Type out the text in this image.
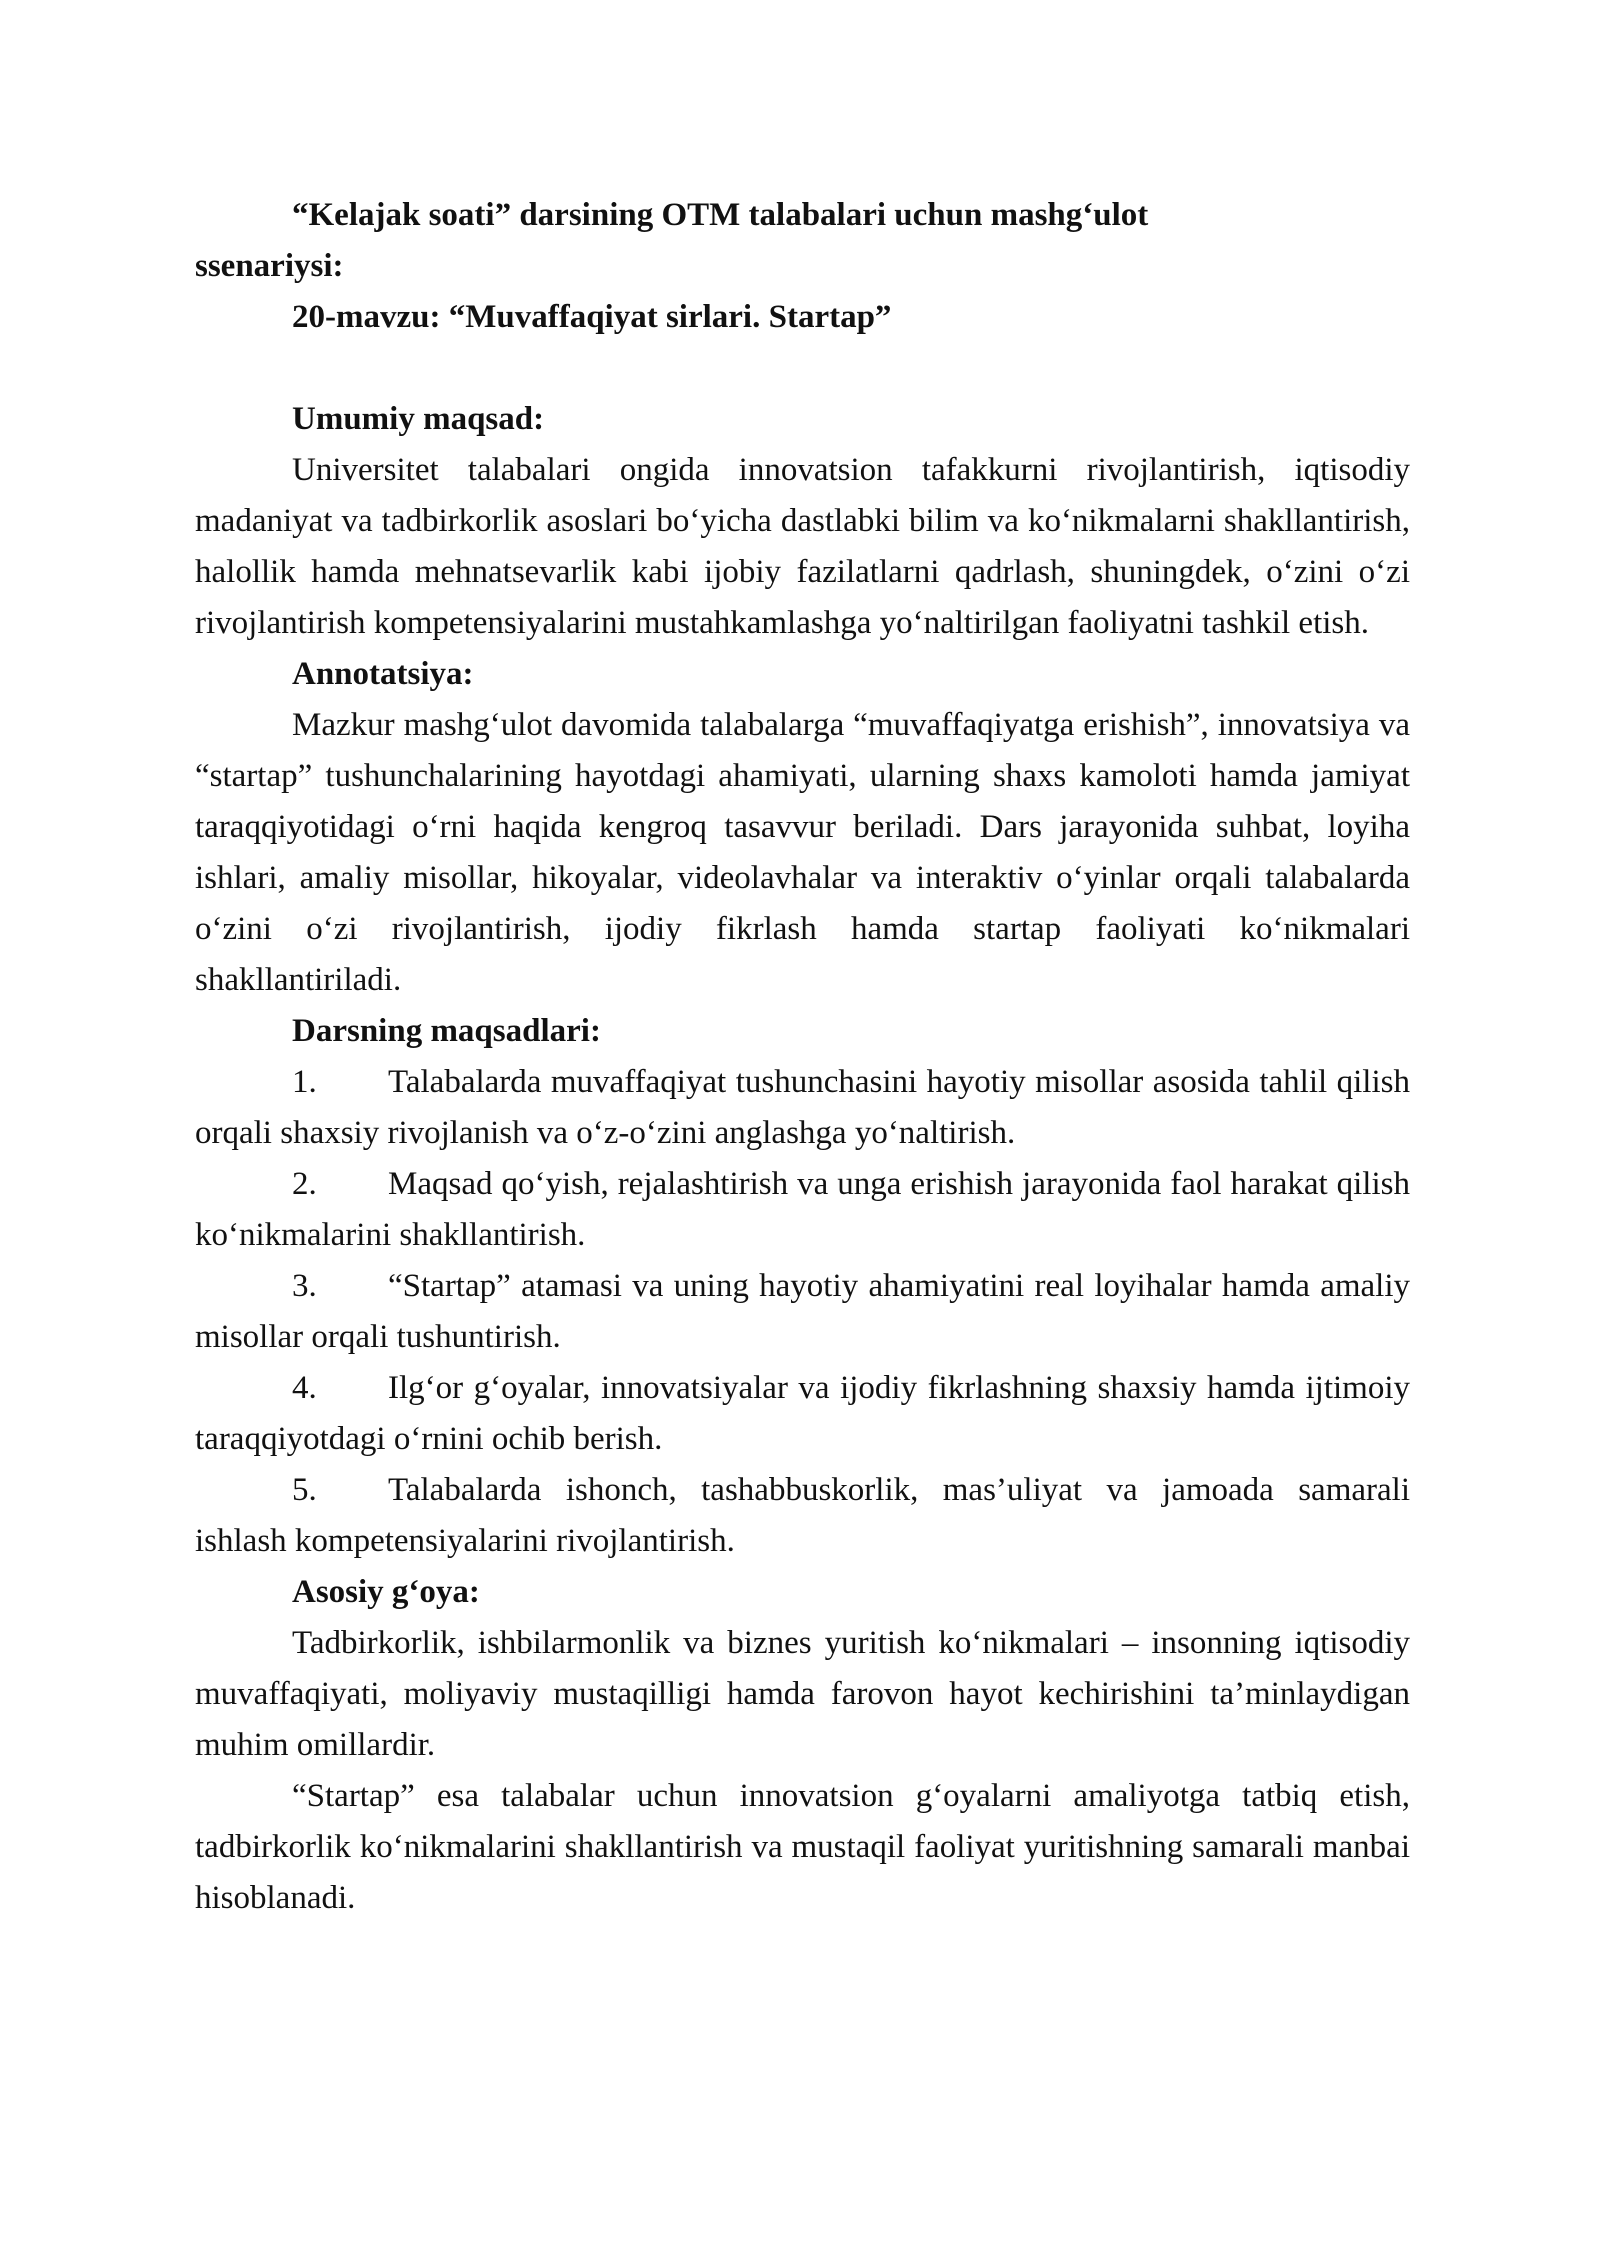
“Kelajak soati” darsining OTM talabalari uchun mashg‘ulot

ssenariysi:

20-mavzu: “Muvaffaqiyat sirlari. Startap”

Umumiy maqsad:

Universitet talabalari ongida innovatsion tafakkurni rivojlantirish, iqtisodiy madaniyat va tadbirkorlik asoslari bo‘yicha dastlabki bilim va ko‘nikmalarni shakllantirish, halollik hamda mehnatsevarlik kabi ijobiy fazilatlarni qadrlash, shuningdek, o‘zini o‘zi rivojlantirish kompetensiyalarini mustahkamlashga yo‘naltirilgan faoliyatni tashkil etish.

Annotatsiya:

Mazkur mashg‘ulot davomida talabalarga “muvaffaqiyatga erishish”, innovatsiya va “startap” tushunchalarining hayotdagi ahamiyati, ularning shaxs kamoloti hamda jamiyat taraqqiyotidagi o‘rni haqida kengroq tasavvur beriladi. Dars jarayonida suhbat, loyiha ishlari, amaliy misollar, hikoyalar, videolavhalar va interaktiv o‘yinlar orqali talabalarda o‘zini o‘zi rivojlantirish, ijodiy fikrlash hamda startap faoliyati ko‘nikmalari shakllantiriladi.

Darsning maqsadlari:

1. Talabalarda muvaffaqiyat tushunchasini hayotiy misollar asosida tahlil qilish orqali shaxsiy rivojlanish va o‘z-o‘zini anglashga yo‘naltirish.

2. Maqsad qo‘yish, rejalashtirish va unga erishish jarayonida faol harakat qilish ko‘nikmalarini shakllantirish.

3. “Startap” atamasi va uning hayotiy ahamiyatini real loyihalar hamda amaliy misollar orqali tushuntirish.

4. Ilg‘or g‘oyalar, innovatsiyalar va ijodiy fikrlashning shaxsiy hamda ijtimoiy taraqqiyotdagi o‘rnini ochib berish.

5. Talabalarda ishonch, tashabbuskorlik, mas’uliyat va jamoada samarali ishlash kompetensiyalarini rivojlantirish.

Asosiy g‘oya:

Tadbirkorlik, ishbilarmonlik va biznes yuritish ko‘nikmalari – insonning iqtisodiy muvaffaqiyati, moliyaviy mustaqilligi hamda farovon hayot kechirishini ta’minlaydigan muhim omillardir.

“Startap” esa talabalar uchun innovatsion g‘oyalarni amaliyotga tatbiq etish, tadbirkorlik ko‘nikmalarini shakllantirish va mustaqil faoliyat yuritishning samarali manbai hisoblanadi.
